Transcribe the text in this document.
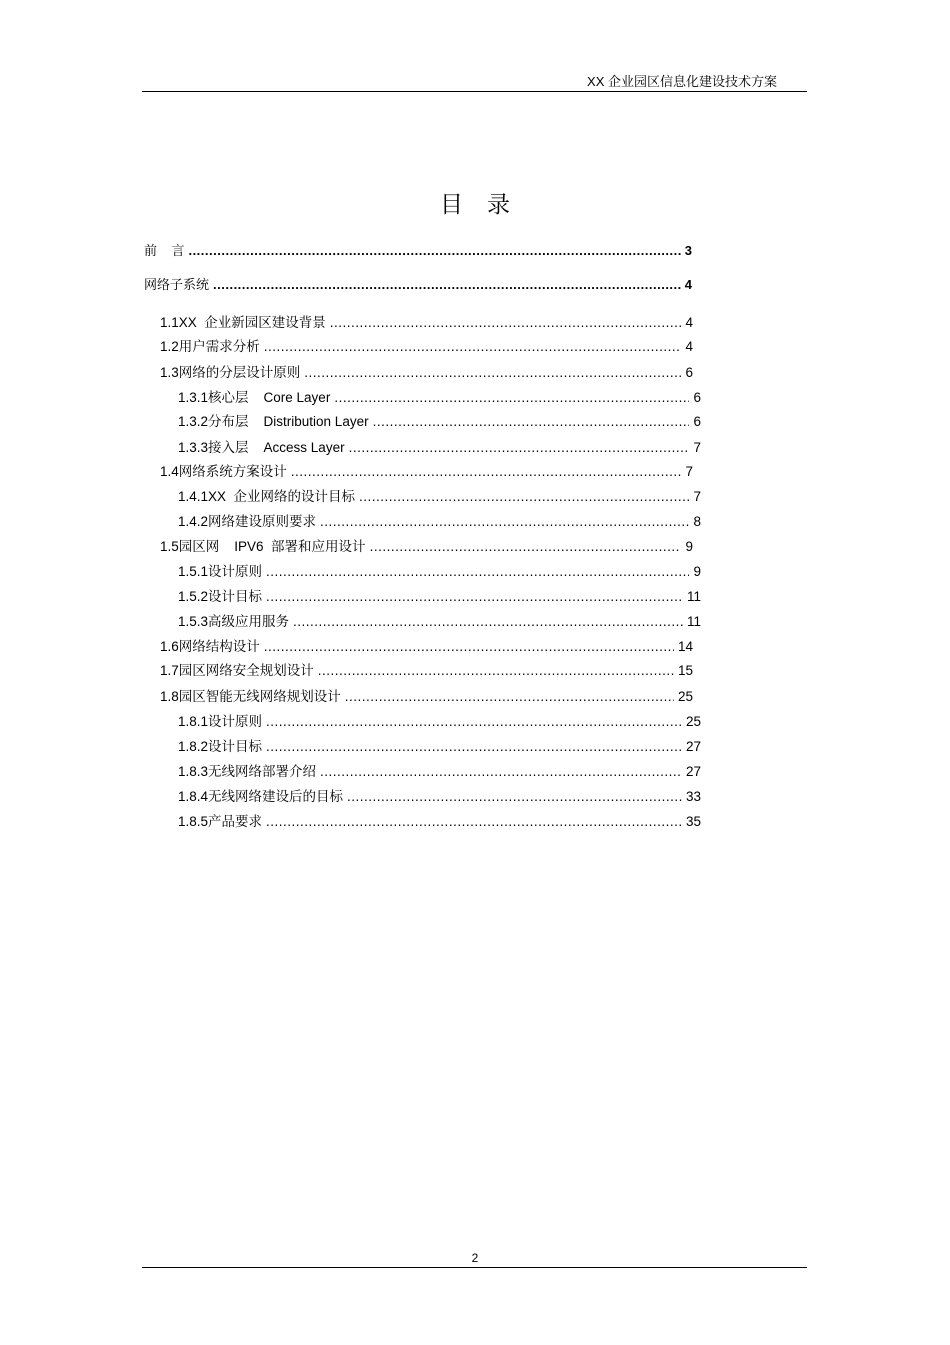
XX 企业园区信息化建设技术方案
目录
前    言 .....	3
网络子系统 .....	4
1.1 XX  企业新园区建设背景 .....	4
1.2 用户需求分析 .....	4
1.3 网络的分层设计原则 .....	6
1.3.1 核心层    Core Layer .....	6
1.3.2 分布层    Distribution Layer .....	6
1.3.3 接入层    Access Layer .....	7
1.4 网络系统方案设计 .....	7
1.4.1 XX  企业网络的设计目标 .....	7
1.4.2 网络建设原则要求 .....	8
1.5 园区网    IPV6  部署和应用设计 .....	9
1.5.1 设计原则 .....	9
1.5.2 设计目标 .....	11
1.5.3 高级应用服务 .....	11
1.6 网络结构设计 .....	14
1.7 园区网络安全规划设计 .....	15
1.8 园区智能无线网络规划设计 .....	25
1.8.1 设计原则 .....	25
1.8.2 设计目标 .....	27
1.8.3 无线网络部署介绍 .....	27
1.8.4 无线网络建设后的目标 .....	33
1.8.5 产品要求 .....	35
2
